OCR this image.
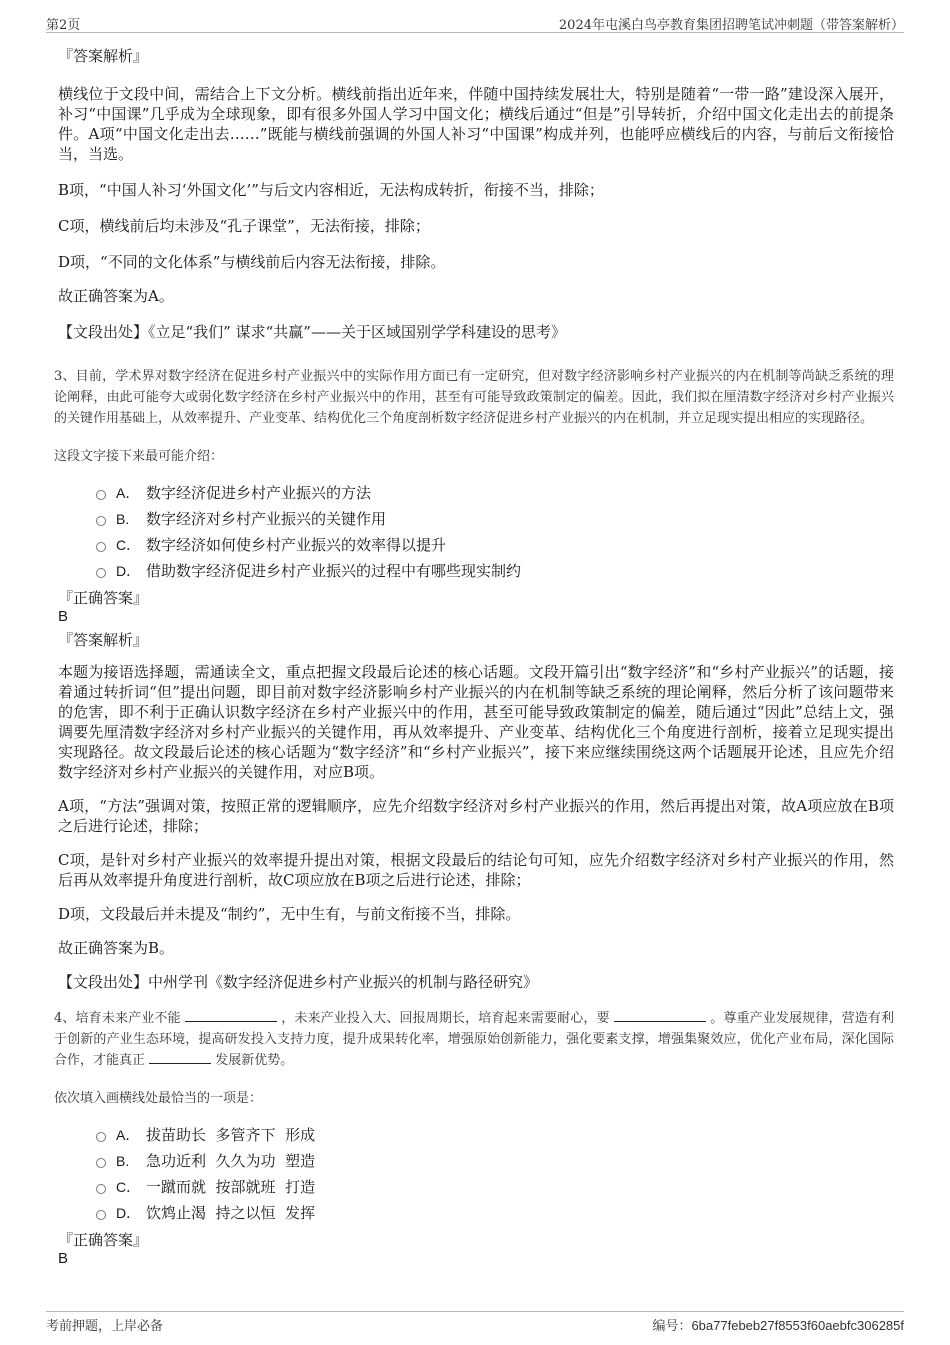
第2页	2024年屯溪白鸟亭教育集团招聘笔试冲刺题（带答案解析）

『答案解析』

横线位于文段中间，需结合上下文分析。横线前指出近年来，伴随中国持续发展壮大，特别是随着“一带一路”建设深入展开，补习“中国课”几乎成为全球现象，即有很多外国人学习中国文化；横线后通过“但是”引导转折，介绍中国文化走出去的前提条件。A项“中国文化走出去……”既能与横线前强调的外国人补习“中国课”构成并列，也能呼应横线后的内容，与前后文衔接恰当，当选。

B项，“中国人补习‘外国文化’”与后文内容相近，无法构成转折，衔接不当，排除；

C项，横线前后均未涉及“孔子课堂”，无法衔接，排除；

D项，“不同的文化体系”与横线前后内容无法衔接，排除。

故正确答案为A。

【文段出处】《立足“我们” 谋求“共赢”——关于区域国别学学科建设的思考》

3、目前，学术界对数字经济在促进乡村产业振兴中的实际作用方面已有一定研究，但对数字经济影响乡村产业振兴的内在机制等尚缺乏系统的理论阐释，由此可能夸大或弱化数字经济在乡村产业振兴中的作用，甚至有可能导致政策制定的偏差。因此，我们拟在厘清数字经济对乡村产业振兴的关键作用基础上，从效率提升、产业变革、结构优化三个角度剖析数字经济促进乡村产业振兴的内在机制，并立足现实提出相应的实现路径。

这段文字接下来最可能介绍：

A． 数字经济促进乡村产业振兴的方法
B.	数字经济对乡村产业振兴的关键作用
C． 数字经济如何使乡村产业振兴的效率得以提升
D． 借助数字经济促进乡村产业振兴的过程中有哪些现实制约

『正确答案』

B

『答案解析』

本题为接语选择题，需通读全文，重点把握文段最后论述的核心话题。文段开篇引出“数字经济”和“乡村产业振兴”的话题，接着通过转折词“但”提出问题，即目前对数字经济影响乡村产业振兴的内在机制等缺乏系统的理论阐释，然后分析了该问题带来的危害，即不利于正确认识数字经济在乡村产业振兴中的作用，甚至可能导致政策制定的偏差，随后通过“因此”总结上文，强调要先厘清数字经济对乡村产业振兴的关键作用，再从效率提升、产业变革、结构优化三个角度进行剖析，接着立足现实提出实现路径。故文段最后论述的核心话题为“数字经济”和“乡村产业振兴”，接下来应继续围绕这两个话题展开论述，且应先介绍数字经济对乡村产业振兴的关键作用，对应B项。

A项，“方法”强调对策，按照正常的逻辑顺序，应先介绍数字经济对乡村产业振兴的作用，然后再提出对策，故A项应放在B项之后进行论述，排除；

C项，是针对乡村产业振兴的效率提升提出对策，根据文段最后的结论句可知，应先介绍数字经济对乡村产业振兴的作用，然后再从效率提升角度进行剖析，故C项应放在B项之后进行论述，排除；

D项，文段最后并未提及“制约”，无中生有，与前文衔接不当，排除。

故正确答案为B。

【文段出处】中州学刊《数字经济促进乡村产业振兴的机制与路径研究》

4、培育未来产业不能	，未来产业投入大、回报周期长，培育起来需要耐心，要	。尊重产业发展规律，营造有利于创新的产业生态环境，提高研发投入支持力度，提升成果转化率，增强原始创新能力，强化要素支撑，增强集聚效应，优化产业布局，深化国际合作，才能真正	发展新优势。

依次填入画横线处最恰当的一项是：

A． 拔苗助长  多管齐下  形成
B.	急功近利  久久为功  塑造
C． 一蹴而就  按部就班  打造
D． 饮鸩止渴  持之以恒  发挥

『正确答案』

B

考前押题，上岸必备	编号：6ba77febeb27f8553f60aebfc306285f
